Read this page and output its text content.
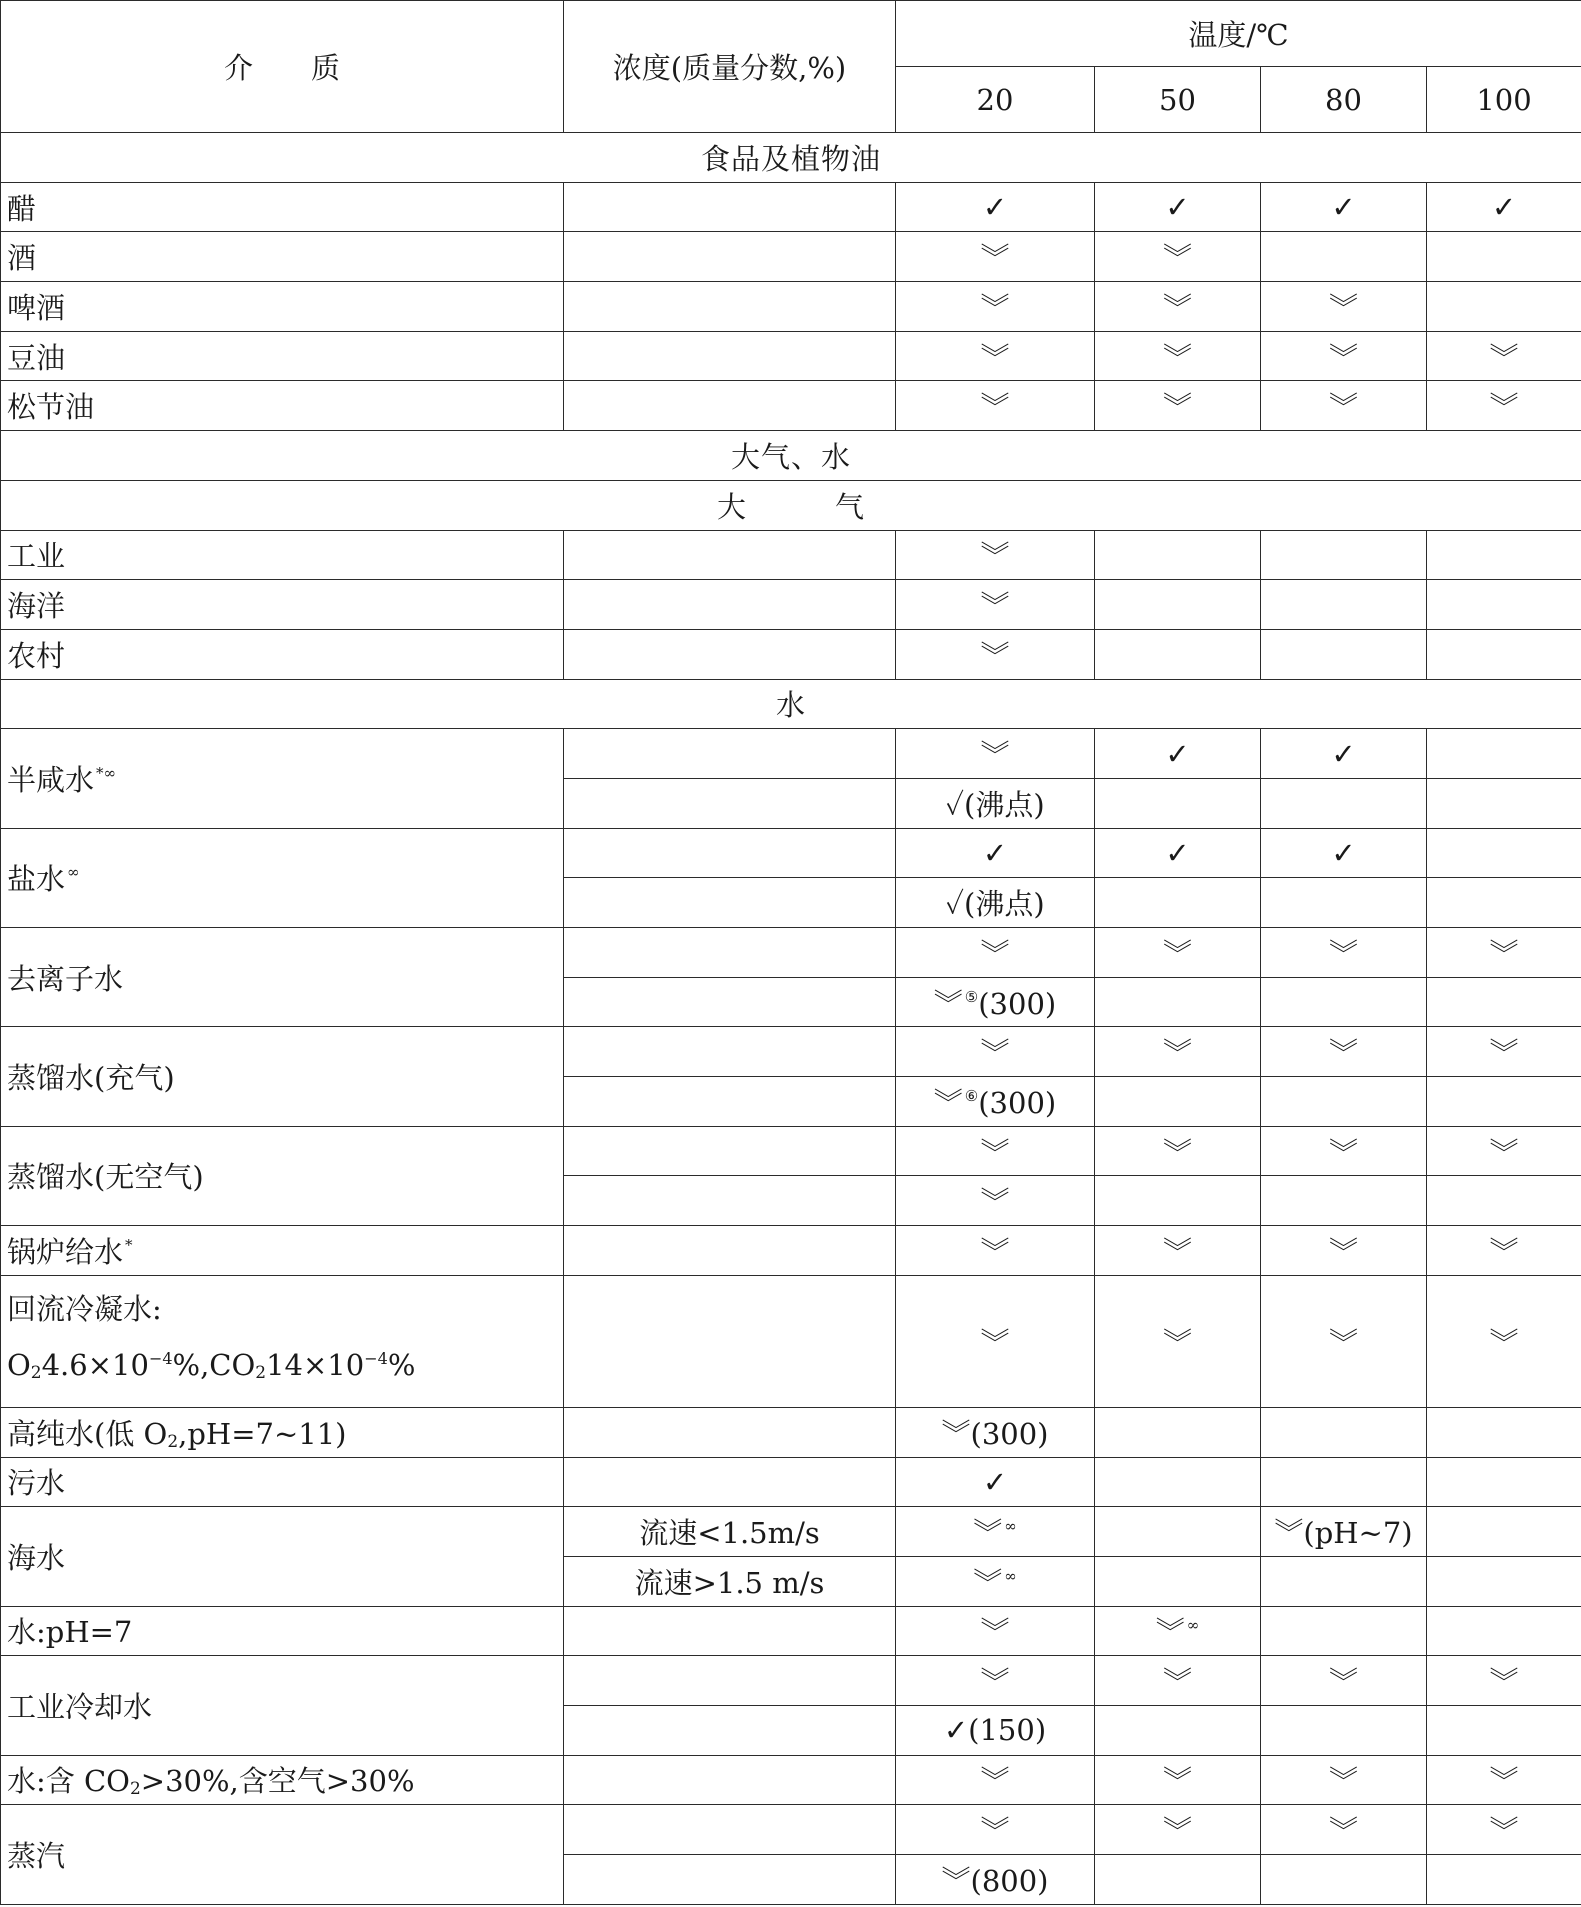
介　　质	浓度(质量分数,%)	温度/℃			
		20	50	80	100
食品及植物油					
醋		✓	✓	✓	✓
酒		︾	︾		
啤酒		︾	︾	︾	
豆油		︾	︾	︾	︾
松节油		︾	︾	︾	︾
大气、水					
大 气					
工业		︾			
海洋		︾			
农村		︾			
水					
半咸水 *∞		︾	✓	✓	
		✓(沸点)			
盐水 ∞		✓	✓	✓	
		✓(沸点)			
去离子水		︾	︾	︾	︾
		︾ ⑤(300)			
蒸馏水(充气)		︾	︾	︾	︾
		︾ ⑥(300)			
蒸馏水(无空气)		︾	︾	︾	︾
		︾			
锅炉给水 *		︾	︾	︾	︾

回流冷凝水:
$O_24.6\times 10^{-4}\%,CO_214\times 10^{-4}\%$		︾	︾	︾	︾
高纯水(低 $O_2,pH=7\sim 11$)		︾(300)			
污水		✓			
海水	流速<1.5m/s	︾ ∞		︾(pH~7)	
	流速>1.5 m/s	︾ ∞			
水:pH=7		︾	︾ ∞		
工业冷却水		︾	︾	︾	︾
		✓(150)			
水:含 $CO_2>30\%$,含空气>30%		︾	︾	︾	︾
蒸汽		︾	︾	︾	︾
		︾(800)			
